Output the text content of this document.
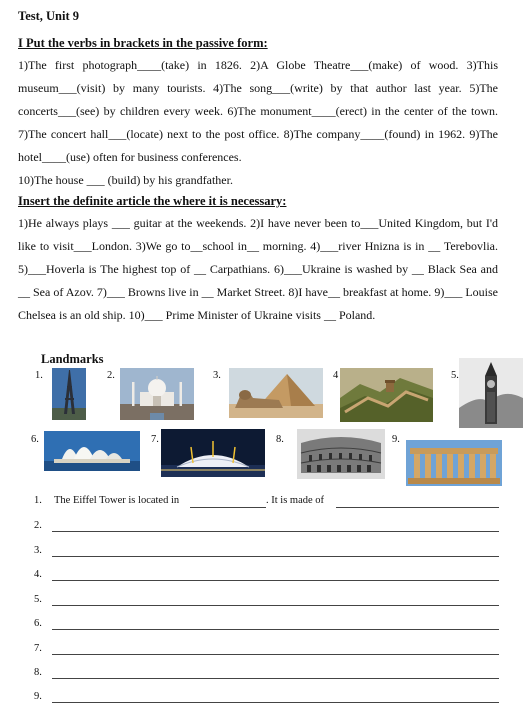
Test, Unit 9
I Put the verbs in brackets in the passive form:
1)The first photograph____(take) in 1826. 2)A Globe Theatre___(make) of wood. 3)This museum___(visit) by many tourists. 4)The song___(write) by that author last year. 5)The concerts___(see) by children every week. 6)The monument____(erect) in the center of the town. 7)The concert hall___(locate) next to the post office. 8)The company____(found) in 1962. 9)The hotel____(use) often for business conferences.
10)The house ___ (build) by his grandfather.
Insert the definite article the where it is necessary:
1)He always plays ___ guitar at the weekends. 2)I have never been to___United Kingdom, but I'd like to visit___London. 3)We go to__school in__ morning. 4)___river Hnizna is in __ Terebovlia. 5)___Hoverla is The highest top of __ Carpathians. 6)___Ukraine is washed by __ Black Sea and __ Sea of Azov. 7)___ Browns live in __ Market Street. 8)I have__ breakfast at home. 9)___ Louise Chelsea is an old ship. 10)___ Prime Minister of Ukraine visits __ Poland.
Landmarks
1.	2.	3.	4	5.
6.	7.	8.	9.
1. The Eiffel Tower is located in	. It is made of
2.
3.
4.
5.
6.
7.
8.
9.
